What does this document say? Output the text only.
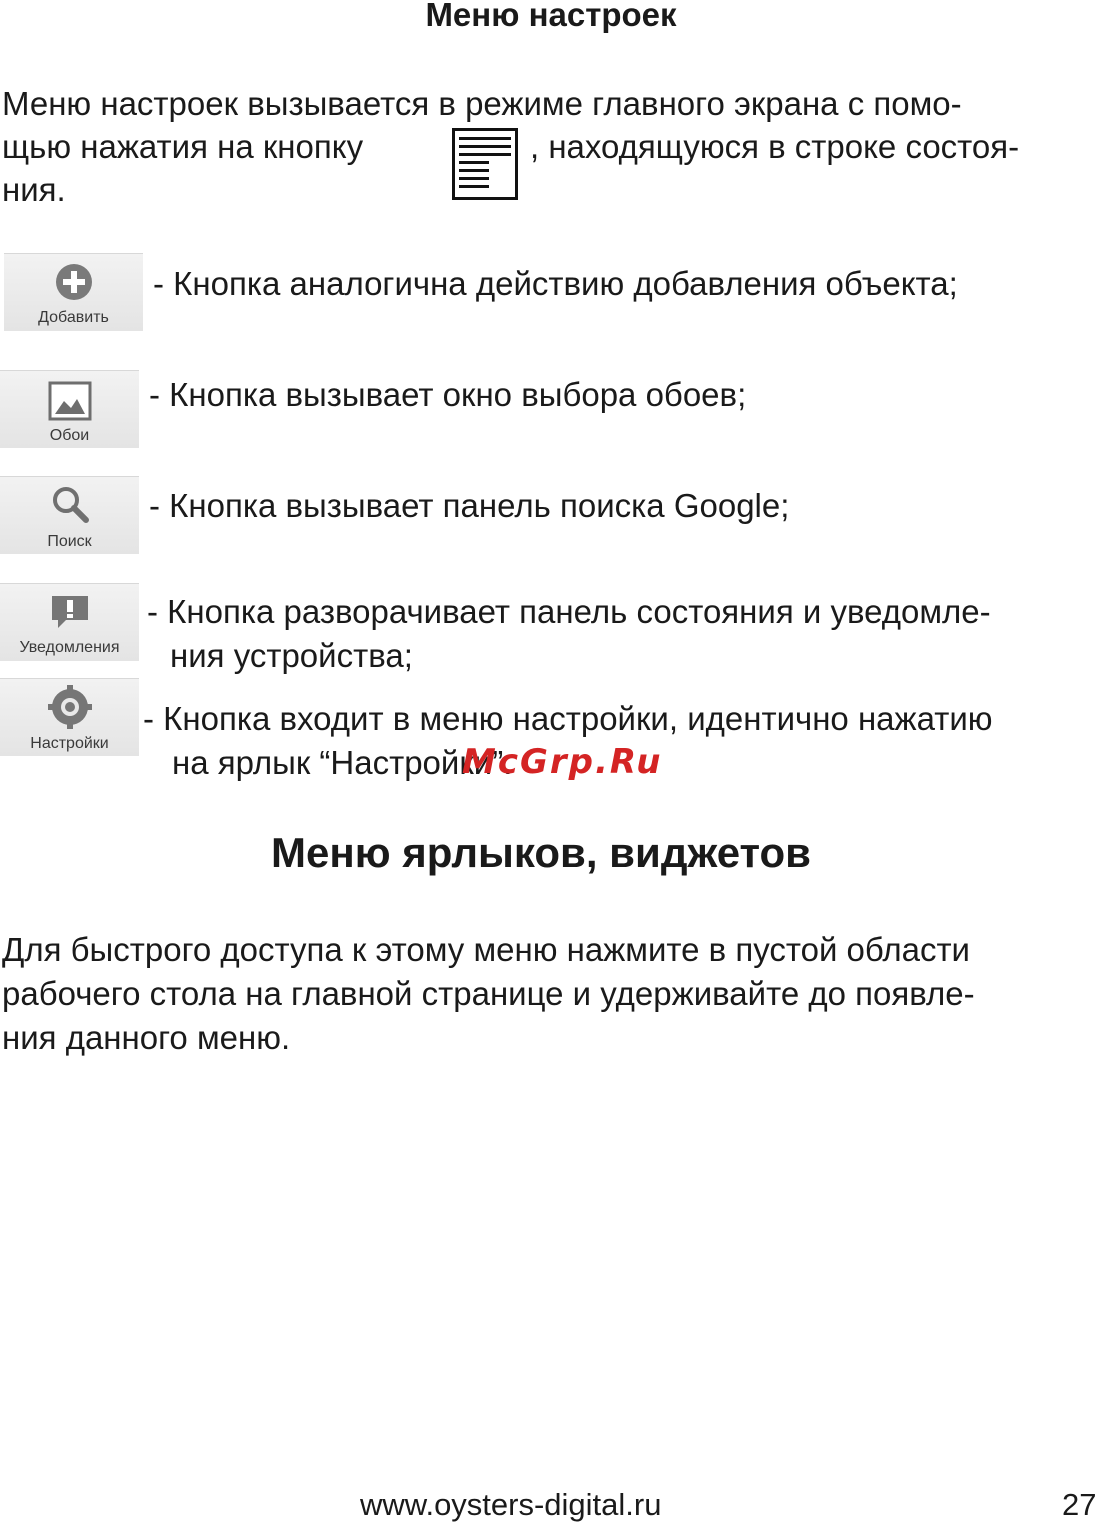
Меню настроек
Меню настроек вызывается в режиме главного экрана с помо-
щью нажатия на кнопку	, находящуюся в строке состоя-
ния.
Добавить
- Кнопка аналогична действию добавления объекта;
Обои
- Кнопка вызывает окно выбора обоев;
Поиск
- Кнопка вызывает панель поиска Google;
Уведомления
- Кнопка разворачивает панель состояния и уведомле-
ния устройства;
Настройки
- Кнопка входит в меню настройки, идентично нажатию
на ярлык “Настройки”.
McGrp.Ru
Меню ярлыков, виджетов
Для быстрого доступа к этому меню нажмите в пустой области
рабочего стола на главной странице и удерживайте до появле-
ния данного меню.
www.oysters-digital.ru	27
